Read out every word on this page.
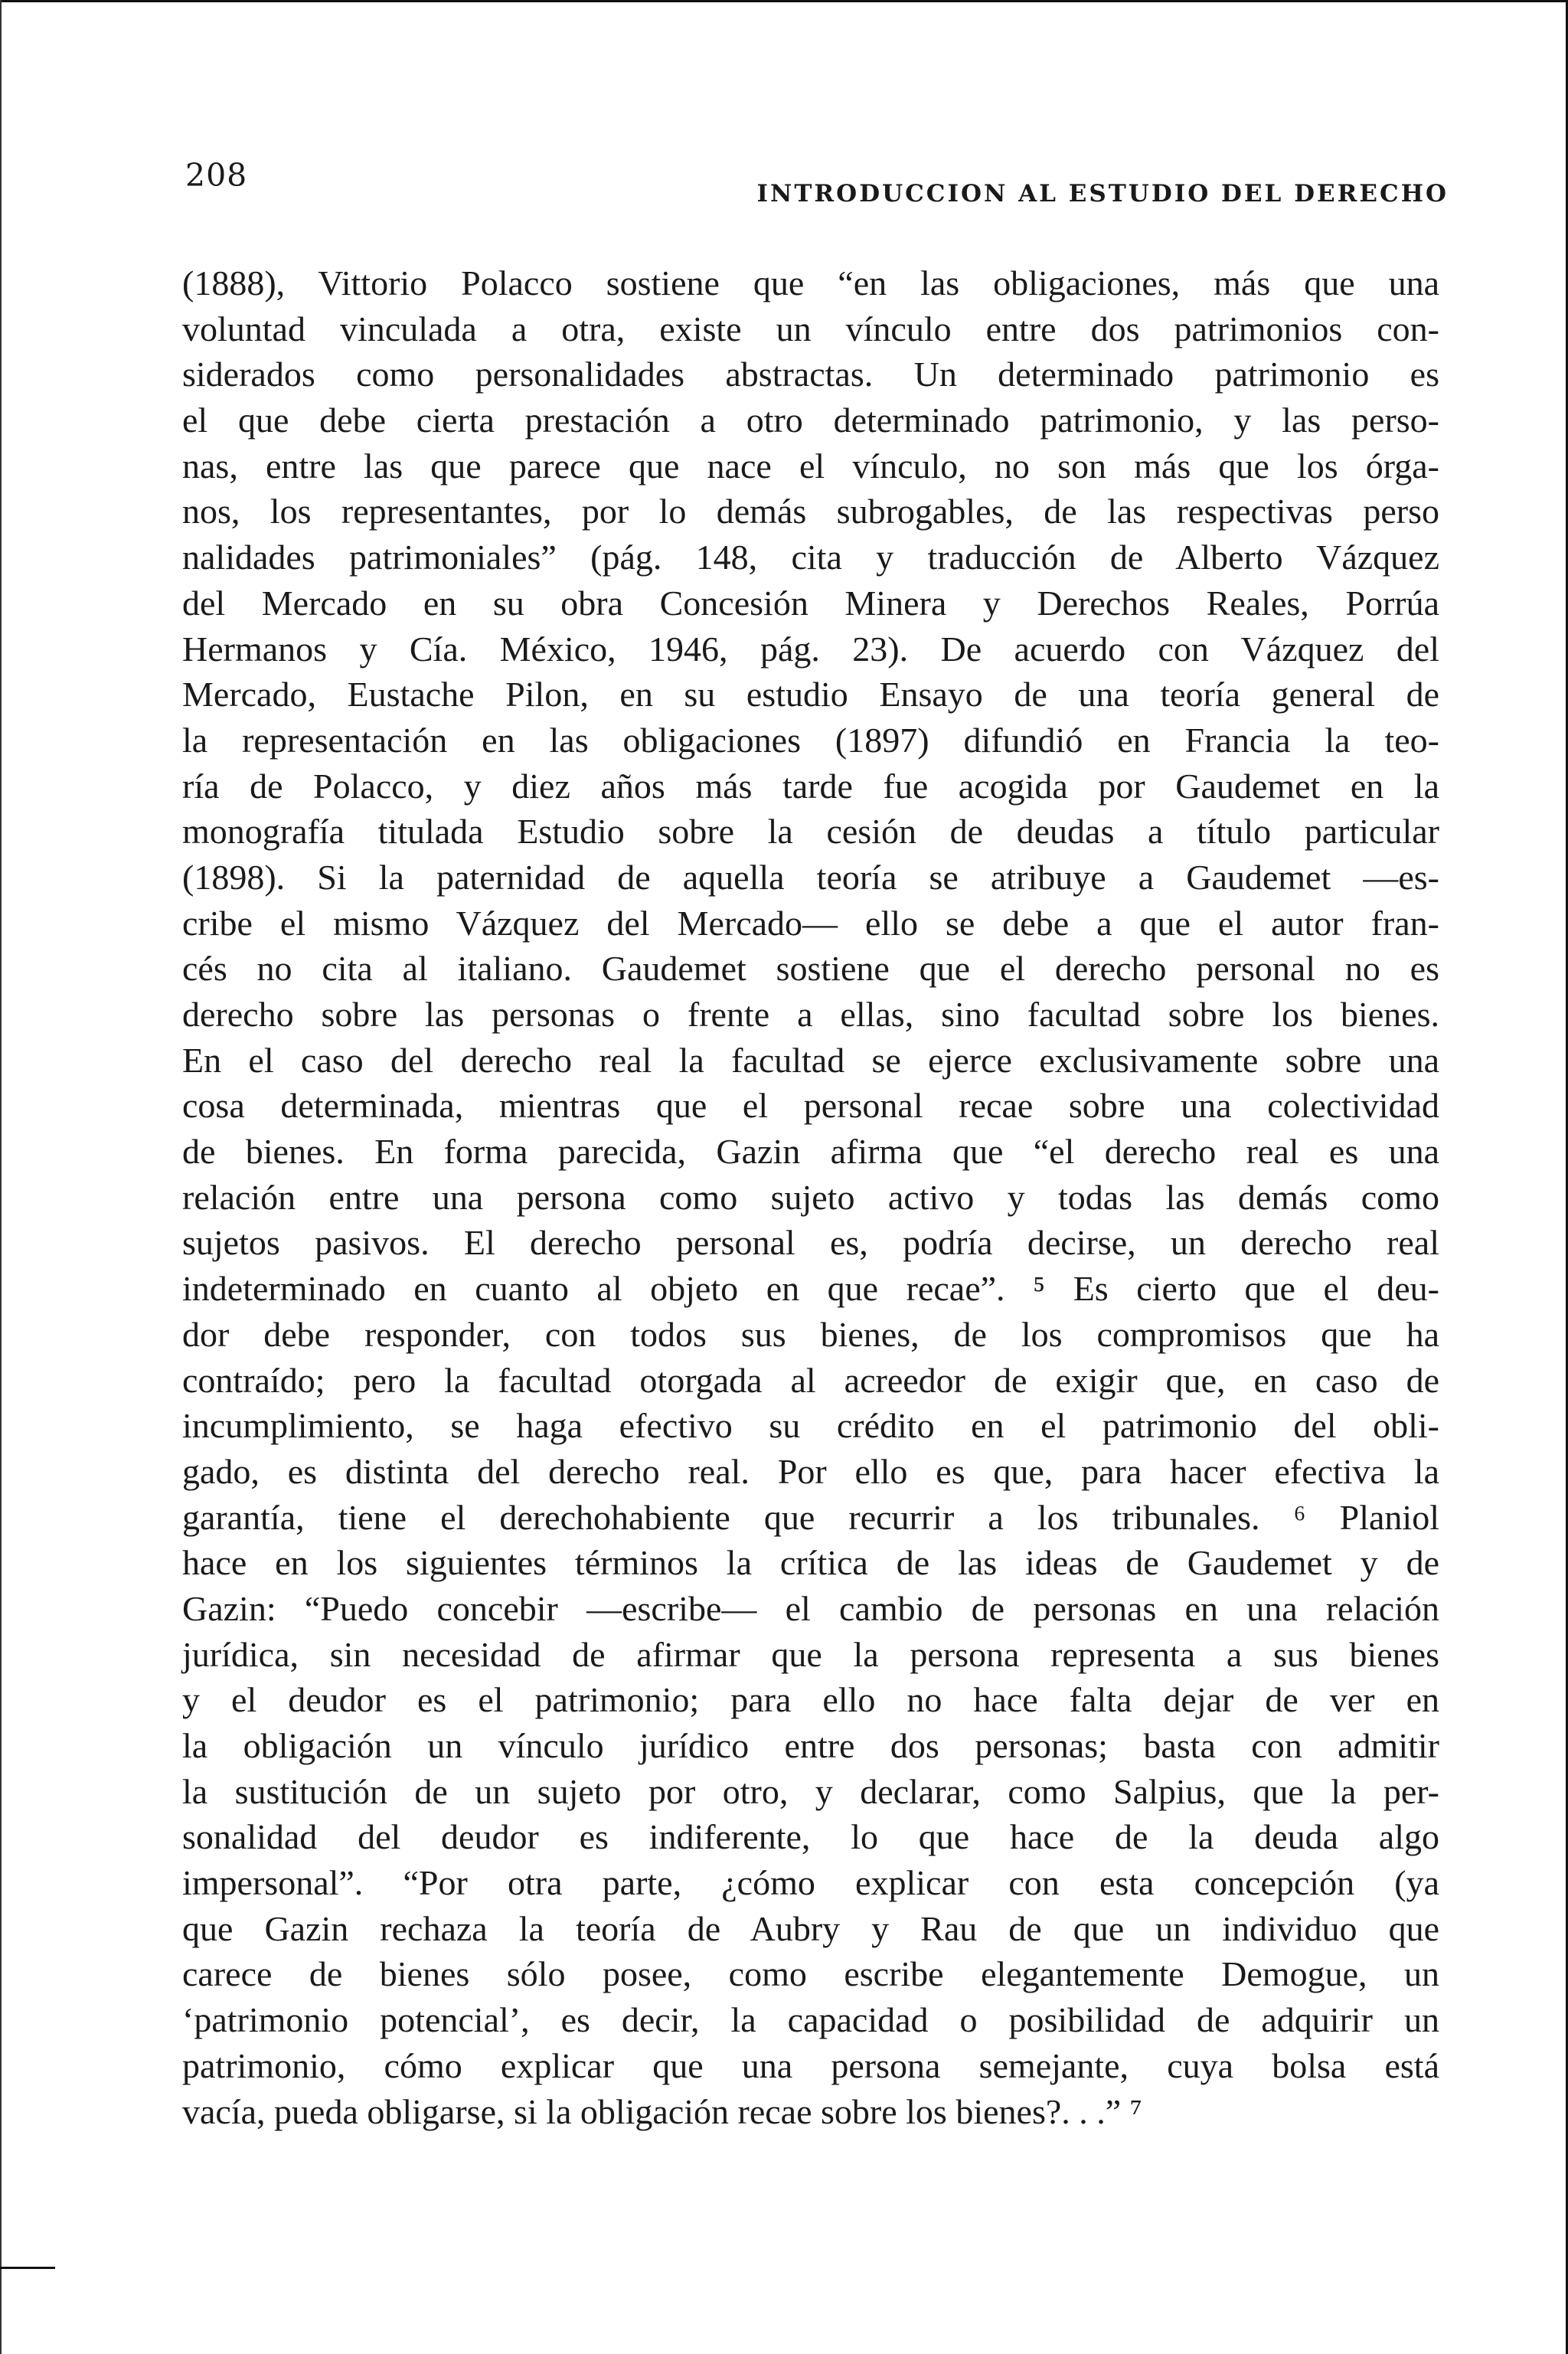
208	INTRODUCCION AL ESTUDIO DEL DERECHO
(1888), Vittorio Polacco sostiene que “en las obligaciones, más que una
voluntad vinculada a otra, existe un vínculo entre dos patrimonios con-
siderados como personalidades abstractas. Un determinado patrimonio es
el que debe cierta prestación a otro determinado patrimonio, y las perso-
nas, entre las que parece que nace el vínculo, no son más que los órga-
nos, los representantes, por lo demás subrogables, de las respectivas perso
nalidades patrimoniales” (pág. 148, cita y traducción de Alberto Vázquez
del Mercado en su obra Concesión Minera y Derechos Reales, Porrúa
Hermanos y Cía. México, 1946, pág. 23). De acuerdo con Vázquez del
Mercado, Eustache Pilon, en su estudio Ensayo de una teoría general de
la representación en las obligaciones (1897) difundió en Francia la teo-
ría de Polacco, y diez años más tarde fue acogida por Gaudemet en la
monografía titulada Estudio sobre la cesión de deudas a título particular
(1898). Si la paternidad de aquella teoría se atribuye a Gaudemet —es-
cribe el mismo Vázquez del Mercado— ello se debe a que el autor fran-
cés no cita al italiano. Gaudemet sostiene que el derecho personal no es
derecho sobre las personas o frente a ellas, sino facultad sobre los bienes.
En el caso del derecho real la facultad se ejerce exclusivamente sobre una
cosa determinada, mientras que el personal recae sobre una colectividad
de bienes. En forma parecida, Gazin afirma que “el derecho real es una
relación entre una persona como sujeto activo y todas las demás como
sujetos pasivos. El derecho personal es, podría decirse, un derecho real
indeterminado en cuanto al objeto en que recae”. ⁵ Es cierto que el deu-
dor debe responder, con todos sus bienes, de los compromisos que ha
contraído; pero la facultad otorgada al acreedor de exigir que, en caso de
incumplimiento, se haga efectivo su crédito en el patrimonio del obli-
gado, es distinta del derecho real. Por ello es que, para hacer efectiva la
garantía, tiene el derechohabiente que recurrir a los tribunales. ⁶ Planiol
hace en los siguientes términos la crítica de las ideas de Gaudemet y de
Gazin: “Puedo concebir —escribe— el cambio de personas en una relación
jurídica, sin necesidad de afirmar que la persona representa a sus bienes
y el deudor es el patrimonio; para ello no hace falta dejar de ver en
la obligación un vínculo jurídico entre dos personas; basta con admitir
la sustitución de un sujeto por otro, y declarar, como Salpius, que la per-
sonalidad del deudor es indiferente, lo que hace de la deuda algo
impersonal”. “Por otra parte, ¿cómo explicar con esta concepción (ya
que Gazin rechaza la teoría de Aubry y Rau de que un individuo que
carece de bienes sólo posee, como escribe elegantemente Demogue, un
‘patrimonio potencial’, es decir, la capacidad o posibilidad de adquirir un
patrimonio, cómo explicar que una persona semejante, cuya bolsa está
vacía, pueda obligarse, si la obligación recae sobre los bienes?. . .” ⁷
